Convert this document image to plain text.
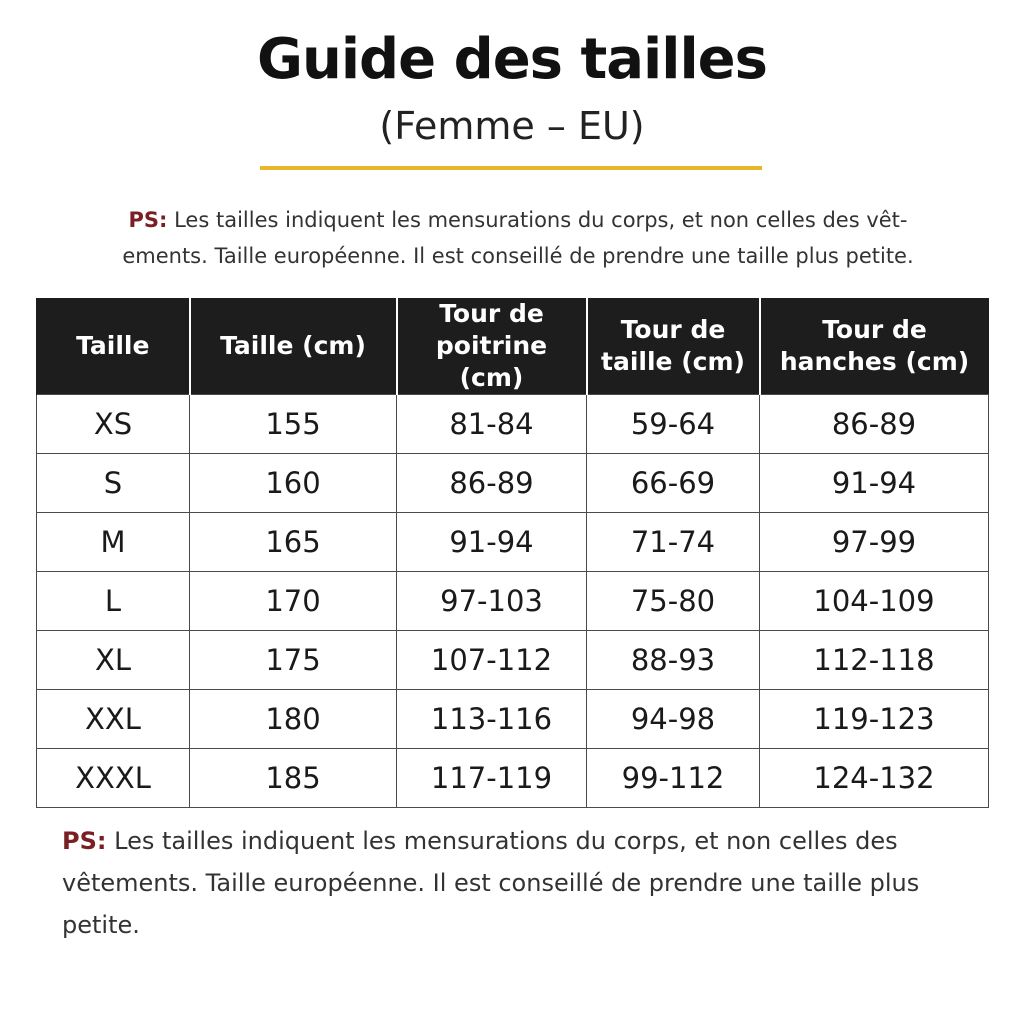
Guide des tailles
(Femme – EU)
PS: Les tailles indiquent les mensurations du corps, et non celles des vêt-ements. Taille européenne. Il est conseillé de prendre une taille plus petite.
Taille	Taille (cm)	Tour de poitrine (cm)	Tour de taille (cm)	Tour de hanches (cm)
XS	155	81-84	59-64	86-89
S	160	86-89	66-69	91-94
M	165	91-94	71-74	97-99
L	170	97-103	75-80	104-109
XL	175	107-112	88-93	112-118
XXL	180	113-116	94-98	119-123
XXXL	185	117-119	99-112	124-132
PS: Les tailles indiquent les mensurations du corps, et non celles des vêtements. Taille européenne. Il est conseillé de prendre une taille plus petite.
